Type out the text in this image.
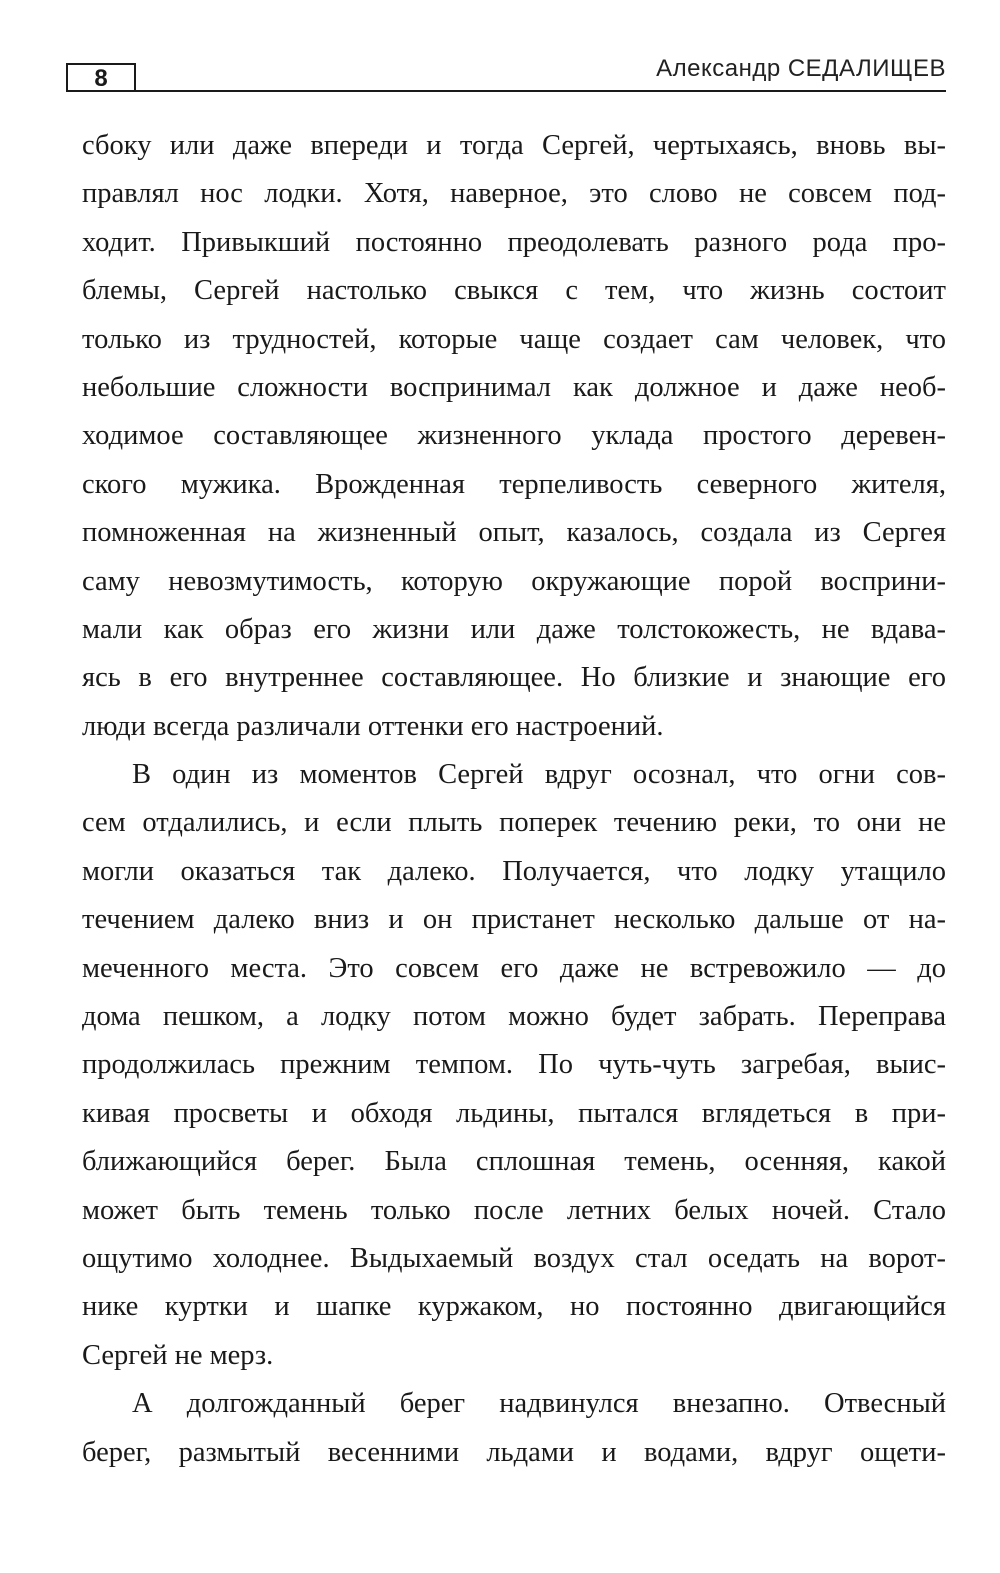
8	Александр СЕДАЛИЩЕВ
сбоку или даже впереди и тогда Сергей, чертыхаясь, вновь вы-
правлял нос лодки. Хотя, наверное, это слово не совсем под-
ходит. Привыкший постоянно преодолевать разного рода про-
блемы, Сергей настолько свыкся с тем, что жизнь состоит
только из трудностей, которые чаще создает сам человек, что
небольшие сложности воспринимал как должное и даже необ-
ходимое составляющее жизненного уклада простого деревен-
ского мужика. Врожденная терпеливость северного жителя,
помноженная на жизненный опыт, казалось, создала из Сергея
саму невозмутимость, которую окружающие порой восприни-
мали как образ его жизни или даже толстокожесть, не вдава-
ясь в его внутреннее составляющее. Но близкие и знающие его
люди всегда различали оттенки его настроений.
В один из моментов Сергей вдруг осознал, что огни сов-
сем отдалились, и если плыть поперек течению реки, то они не
могли оказаться так далеко. Получается, что лодку утащило
течением далеко вниз и он пристанет несколько дальше от на-
меченного места. Это совсем его даже не встревожило — до
дома пешком, а лодку потом можно будет забрать. Переправа
продолжилась прежним темпом. По чуть-чуть загребая, выис-
кивая просветы и обходя льдины, пытался вглядеться в при-
ближающийся берег. Была сплошная темень, осенняя, какой
может быть темень только после летних белых ночей. Стало
ощутимо холоднее. Выдыхаемый воздух стал оседать на ворот-
нике куртки и шапке куржаком, но постоянно двигающийся
Сергей не мерз.
А долгожданный берег надвинулся внезапно. Отвесный
берег, размытый весенними льдами и водами, вдруг ощети-
